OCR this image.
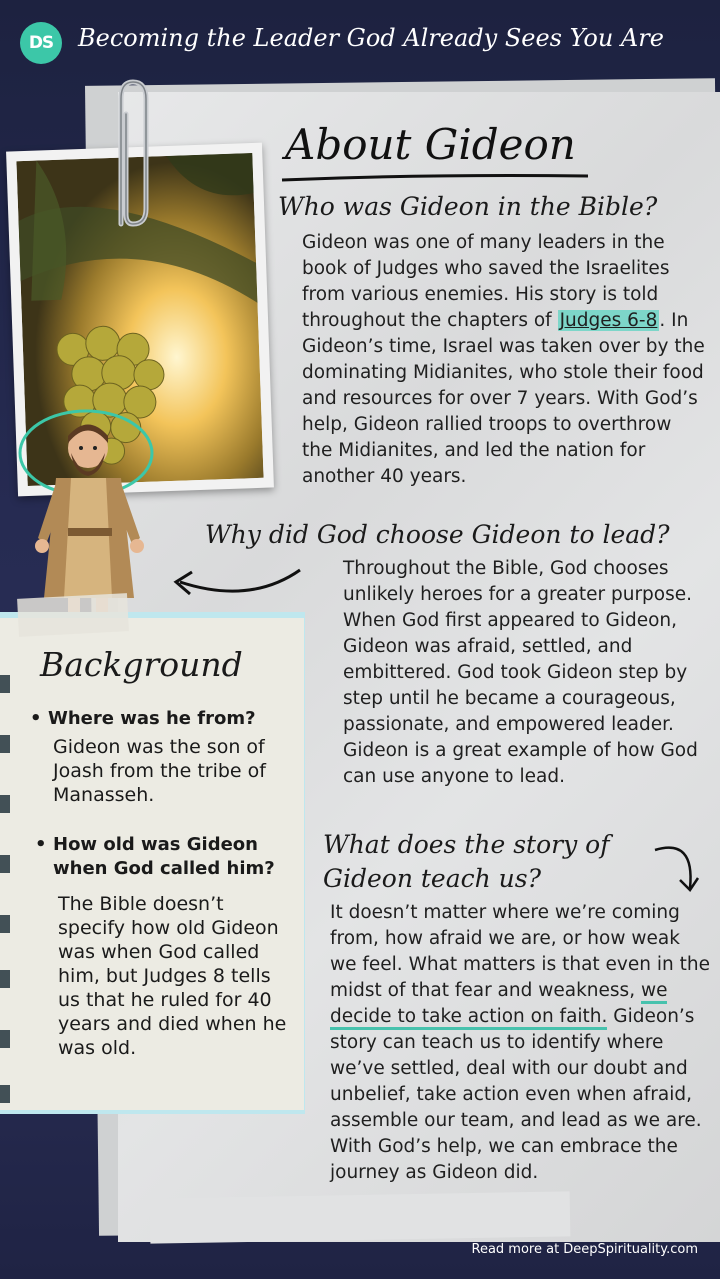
DS	Becoming the Leader God Already Sees You Are
About Gideon
Who was Gideon in the Bible?
Gideon was one of many leaders in the book of Judges who saved the Israelites from various enemies. His story is told throughout the chapters of Judges 6-8 . In Gideon’s time, Israel was taken over by the dominating Midianites, who stole their food and resources for over 7 years. With God’s help, Gideon rallied troops to overthrow the Midianites, and led the nation for another 40 years.
Why did God choose Gideon to lead?
Throughout the Bible, God chooses unlikely heroes for a greater purpose. When God first appeared to Gideon, Gideon was afraid, settled, and embittered. God took Gideon step by step until he became a courageous, passionate, and empowered leader. Gideon is a great example of how God can use anyone to lead.
What does the story of Gideon teach us?
It doesn’t matter where we’re coming from, how afraid we are, or how weak we feel. What matters is that even in the midst of that fear and weakness, we decide to take action on faith. Gideon’s story can teach us to identify where we’ve settled, deal with our doubt and unbelief, take action even when afraid, assemble our team, and lead as we are. With God’s help, we can embrace the journey as Gideon did.
Background
• Where was he from?
Gideon was the son of Joash from the tribe of Manasseh.
• How old was Gideon when God called him?
The Bible doesn’t specify how old Gideon was when God called him, but Judges 8 tells us that he ruled for 40 years and died when he was old.
Read more at DeepSpirituality.com
